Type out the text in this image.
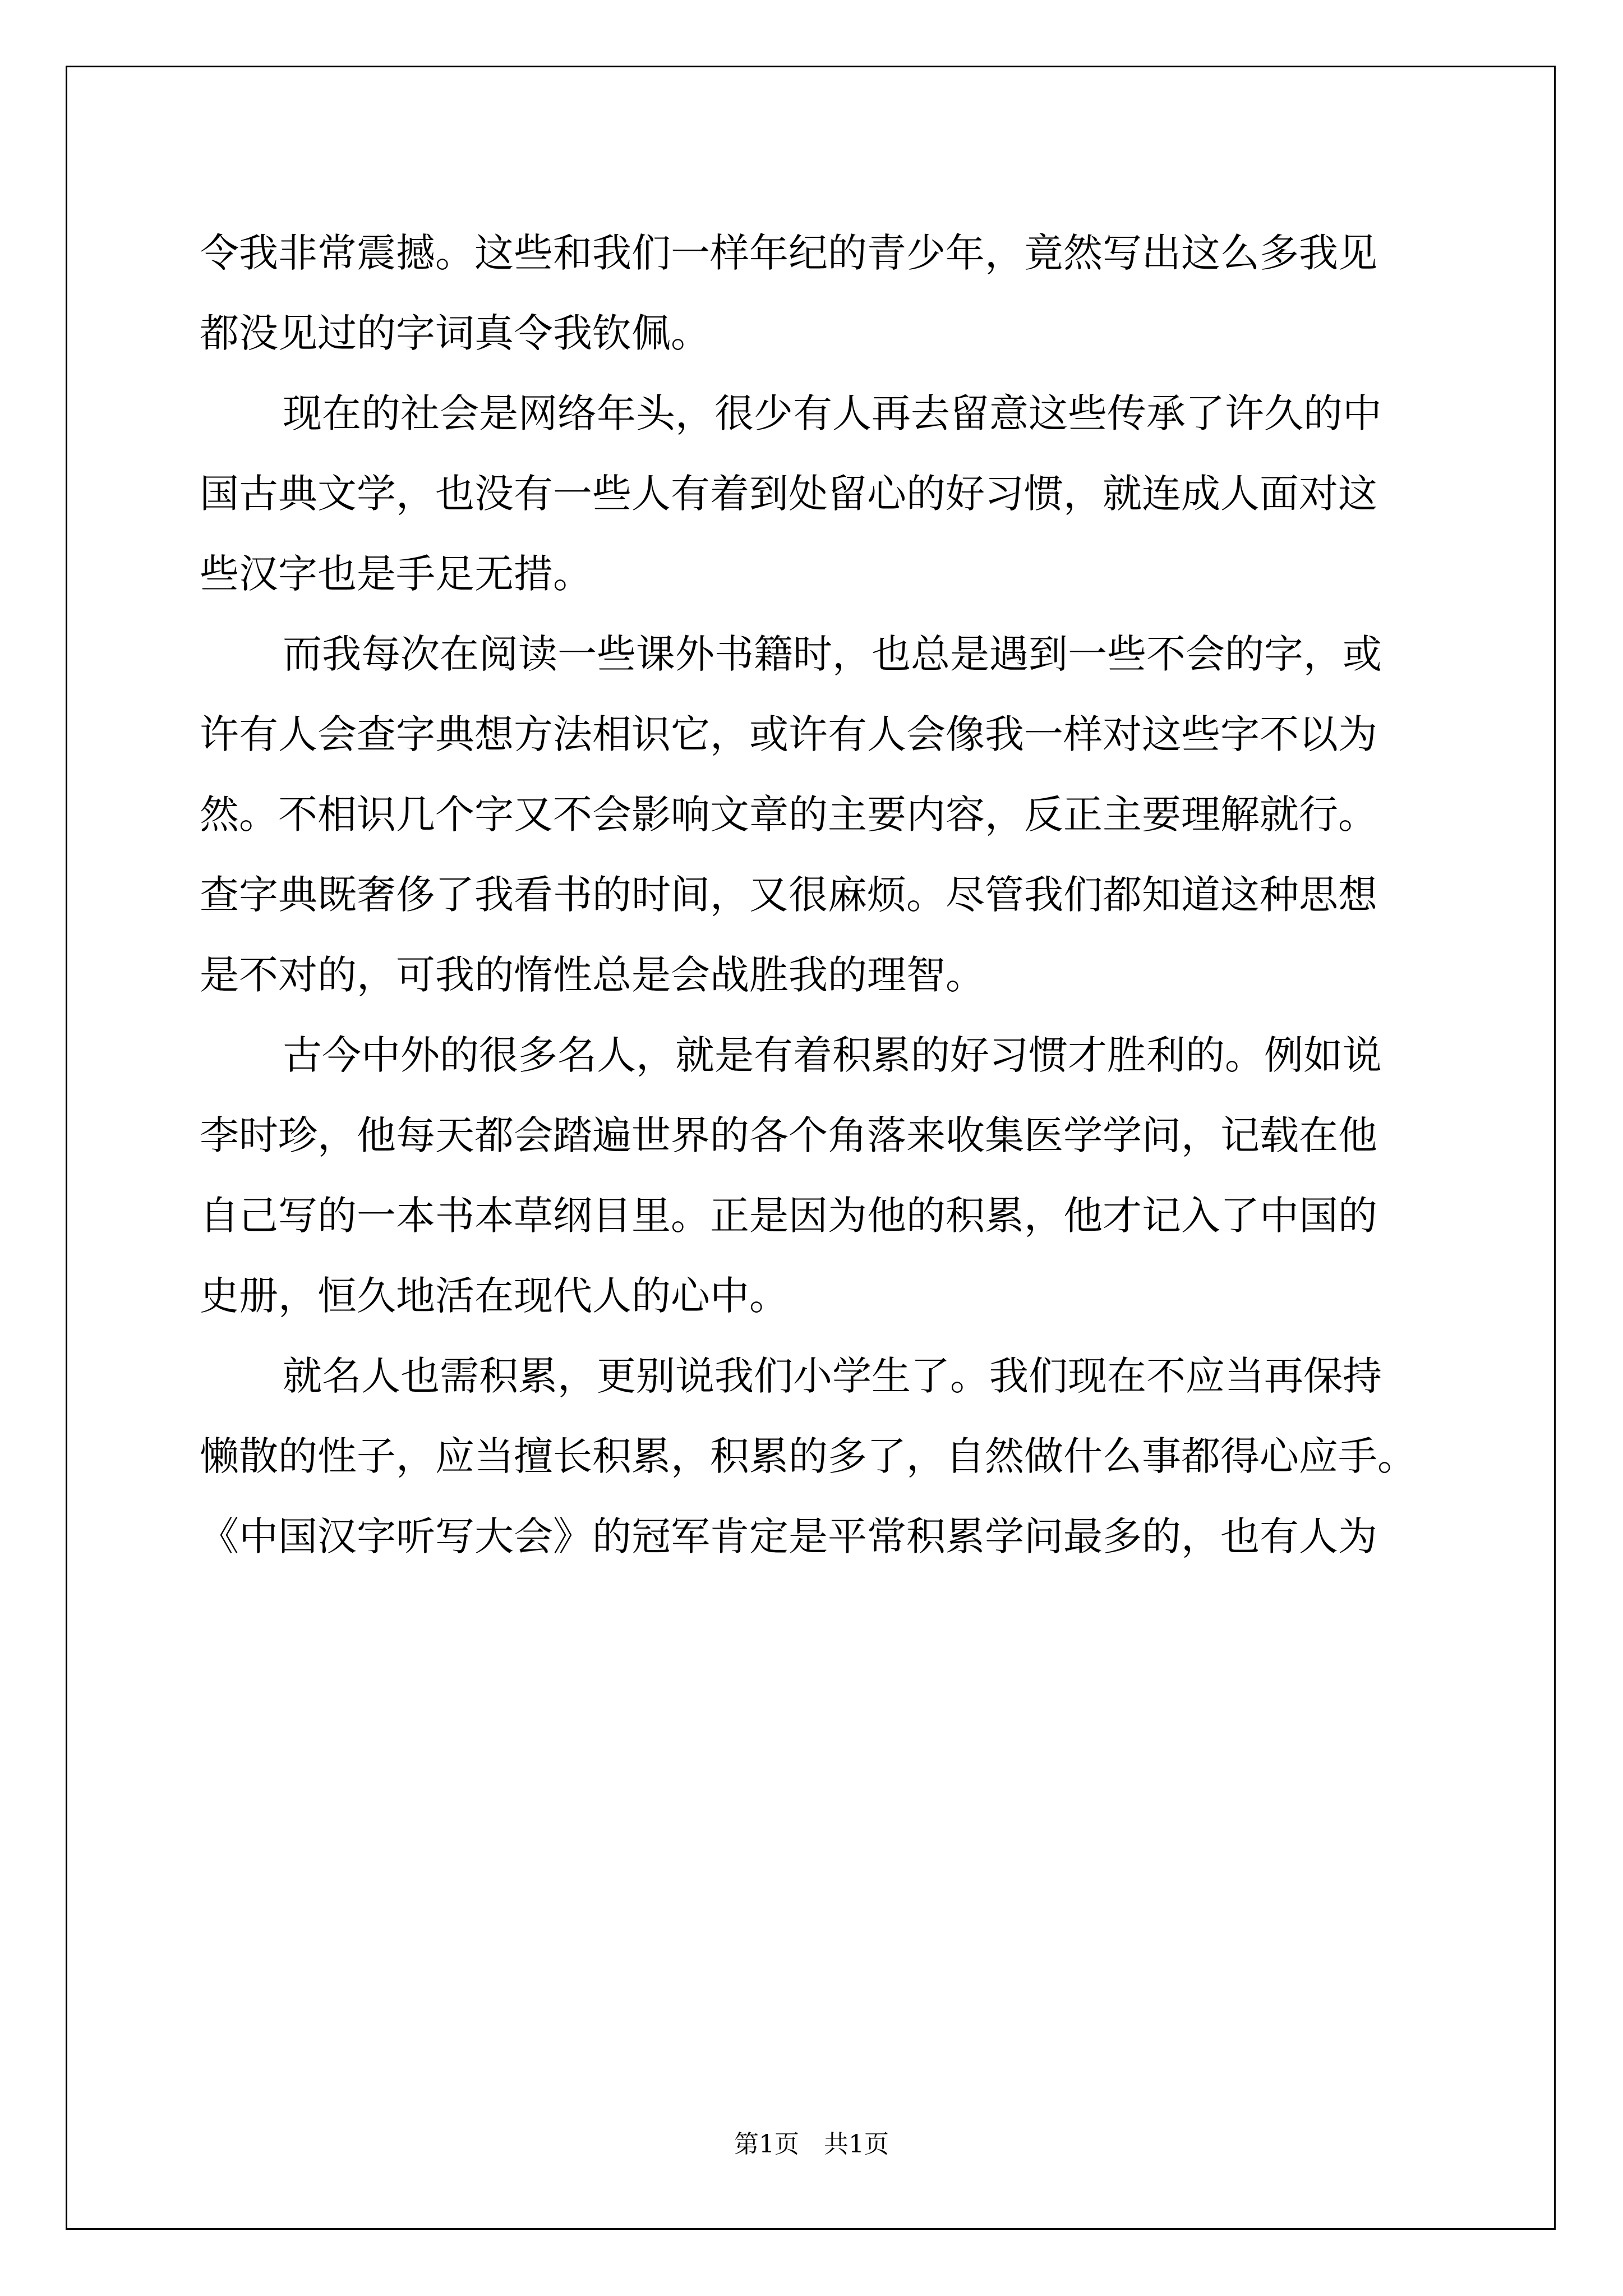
令我非常震撼。这些和我们一样年纪的青少年，竟然写出这么多我见
都没见过的字词真令我钦佩。
现在的社会是网络年头，很少有人再去留意这些传承了许久的中
国古典文学，也没有一些人有着到处留心的好习惯，就连成人面对这
些汉字也是手足无措。
而我每次在阅读一些课外书籍时，也总是遇到一些不会的字，或
许有人会查字典想方法相识它，或许有人会像我一样对这些字不以为
然。不相识几个字又不会影响文章的主要内容，反正主要理解就行。
查字典既奢侈了我看书的时间，又很麻烦。尽管我们都知道这种思想
是不对的，可我的惰性总是会战胜我的理智。
古今中外的很多名人，就是有着积累的好习惯才胜利的。例如说
李时珍，他每天都会踏遍世界的各个角落来收集医学学问，记载在他
自己写的一本书本草纲目里。正是因为他的积累，他才记入了中国的
史册，恒久地活在现代人的心中。
就名人也需积累，更别说我们小学生了。我们现在不应当再保持
懒散的性子，应当擅长积累，积累的多了，自然做什么事都得心应手。
《中国汉字听写大会》的冠军肯定是平常积累学问最多的，也有人为
第1页　共1页
